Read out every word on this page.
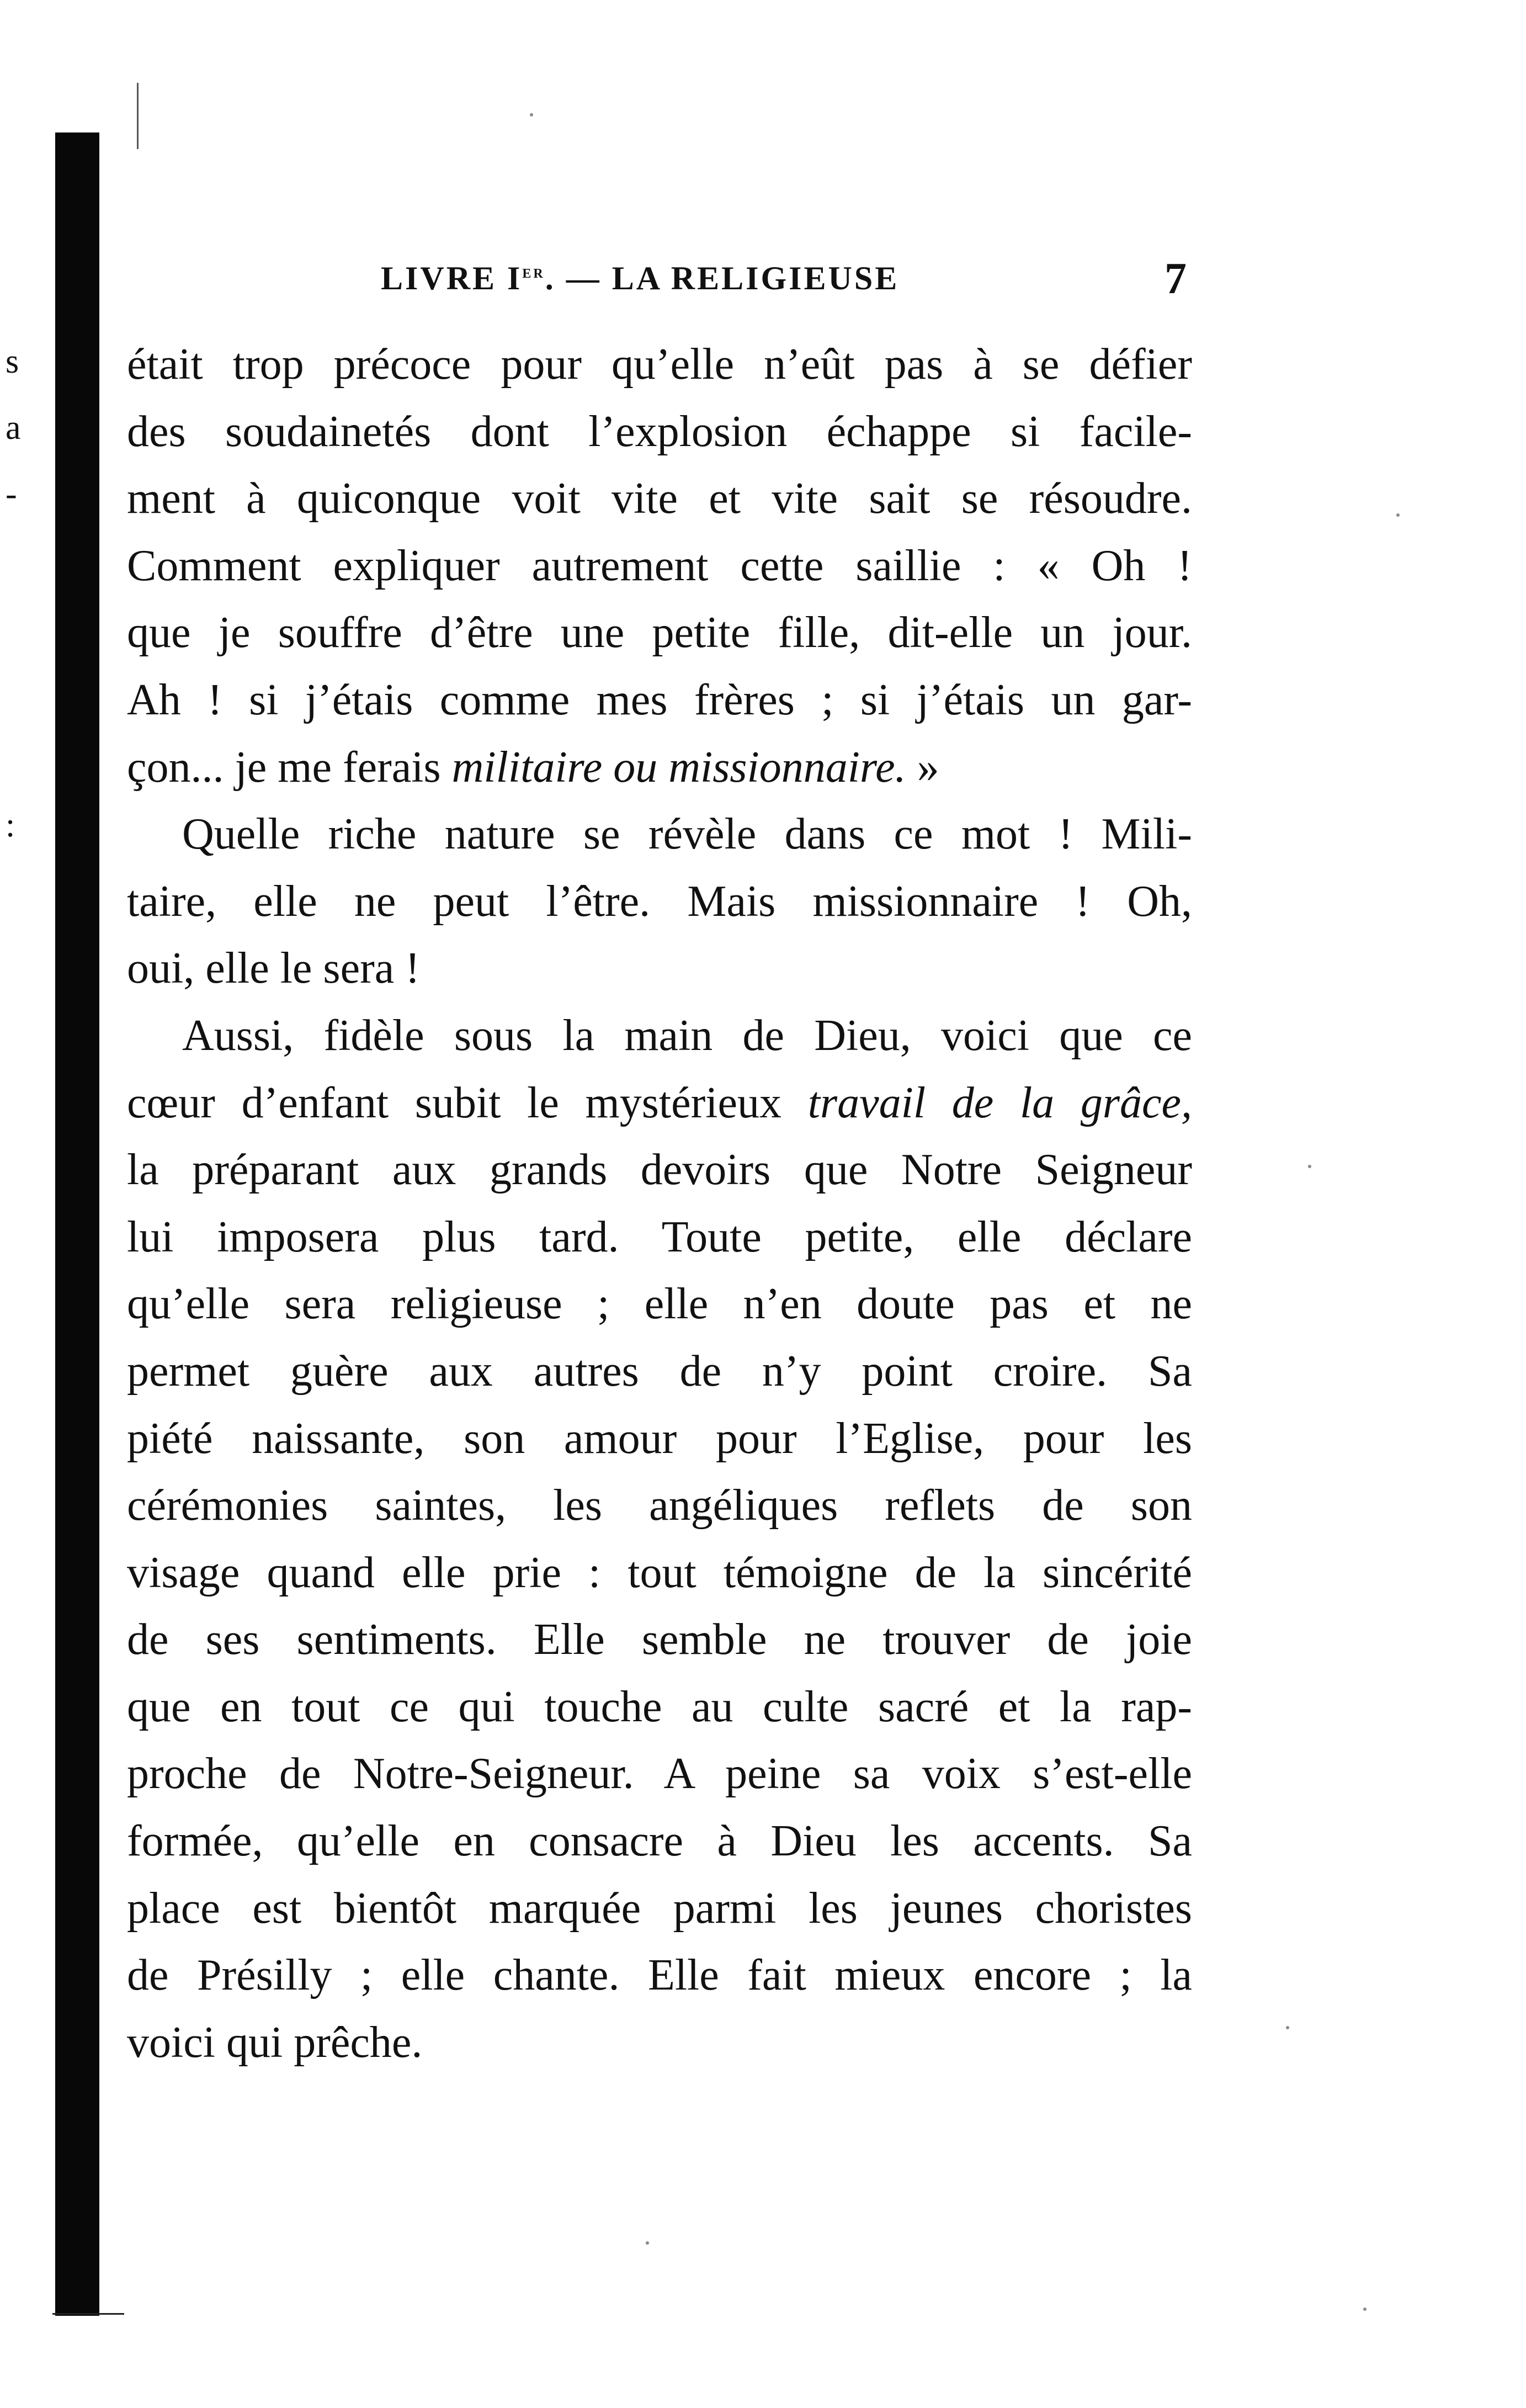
s
a
-
:
LIVRE Ier. — LA RELIGIEUSE	7
était trop précoce pour qu’elle n’eût pas à se défier
des soudainetés dont l’explosion échappe si facile-
ment à quiconque voit vite et vite sait se résoudre.
Comment expliquer autrement cette saillie : « Oh !
que je souffre d’être une petite fille, dit-elle un jour.
Ah ! si j’étais comme mes frères ; si j’étais un gar-
çon... je me ferais militaire ou missionnaire. »
Quelle riche nature se révèle dans ce mot ! Mili-
taire, elle ne peut l’être. Mais missionnaire ! Oh,
oui, elle le sera !
Aussi, fidèle sous la main de Dieu, voici que ce
cœur d’enfant subit le mystérieux travail de la grâce,
la préparant aux grands devoirs que Notre Seigneur
lui imposera plus tard. Toute petite, elle déclare
qu’elle sera religieuse ; elle n’en doute pas et ne
permet guère aux autres de n’y point croire. Sa
piété naissante, son amour pour l’Eglise, pour les
cérémonies saintes, les angéliques reflets de son
visage quand elle prie : tout témoigne de la sincérité
de ses sentiments. Elle semble ne trouver de joie
que en tout ce qui touche au culte sacré et la rap-
proche de Notre-Seigneur. A peine sa voix s’est-elle
formée, qu’elle en consacre à Dieu les accents. Sa
place est bientôt marquée parmi les jeunes choristes
de Présilly ; elle chante. Elle fait mieux encore ; la
voici qui prêche.
